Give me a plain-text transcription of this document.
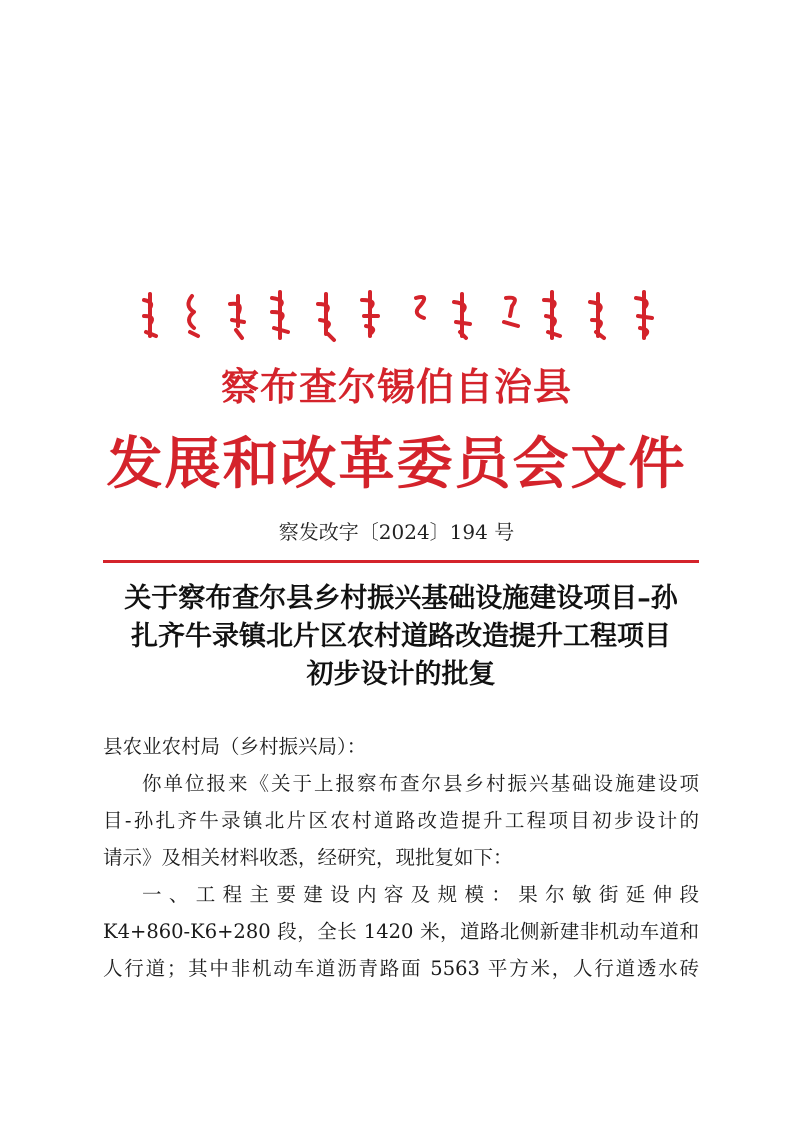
察布查尔锡伯自治县
发展和改革委员会文件
察发改字〔2024〕194 号
关于察布查尔县乡村振兴基础设施建设项目–孙
扎齐牛录镇北片区农村道路改造提升工程项目
初步设计的批复

县农业农村局（乡村振兴局）：

你单位报来《关于上报察布查尔县乡村振兴基础设施建设项

目-孙扎齐牛录镇北片区农村道路改造提升工程项目初步设计的

请示》及相关材料收悉，经研究，现批复如下：

一、工程主要建设内容及规模：果尔敏街延伸段

K4+860-K6+280 段，全长 1420 米，道路北侧新建非机动车道和

人行道；其中非机动车道沥青路面 5563 平方米，人行道透水砖
